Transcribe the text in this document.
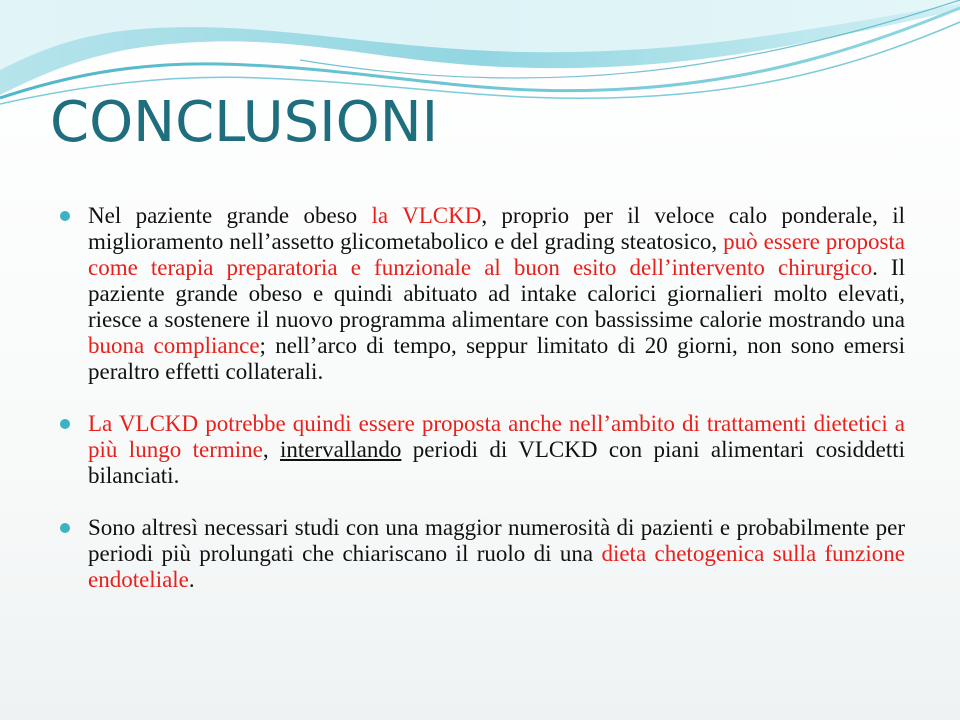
CONCLUSIONI
Nel paziente grande obeso la VLCKD, proprio per il veloce calo ponderale, il miglioramento nell’assetto glicometabolico e del grading steatosico, può essere proposta come terapia preparatoria e funzionale al buon esito dell’intervento chirurgico. Il paziente grande obeso e quindi abituato ad intake calorici giornalieri molto elevati, riesce a sostenere il nuovo programma alimentare con bassissime calorie mostrando una buona compliance; nell’arco di tempo, seppur limitato di 20 giorni, non sono emersi peraltro effetti collaterali.
La VLCKD potrebbe quindi essere proposta anche nell’ambito di trattamenti dietetici a più lungo termine, intervallando periodi di VLCKD con piani alimentari cosiddetti bilanciati.
Sono altresì necessari studi con una maggior numerosità di pazienti e probabilmente per periodi più prolungati che chiariscano il ruolo di una dieta chetogenica sulla funzione endoteliale.
